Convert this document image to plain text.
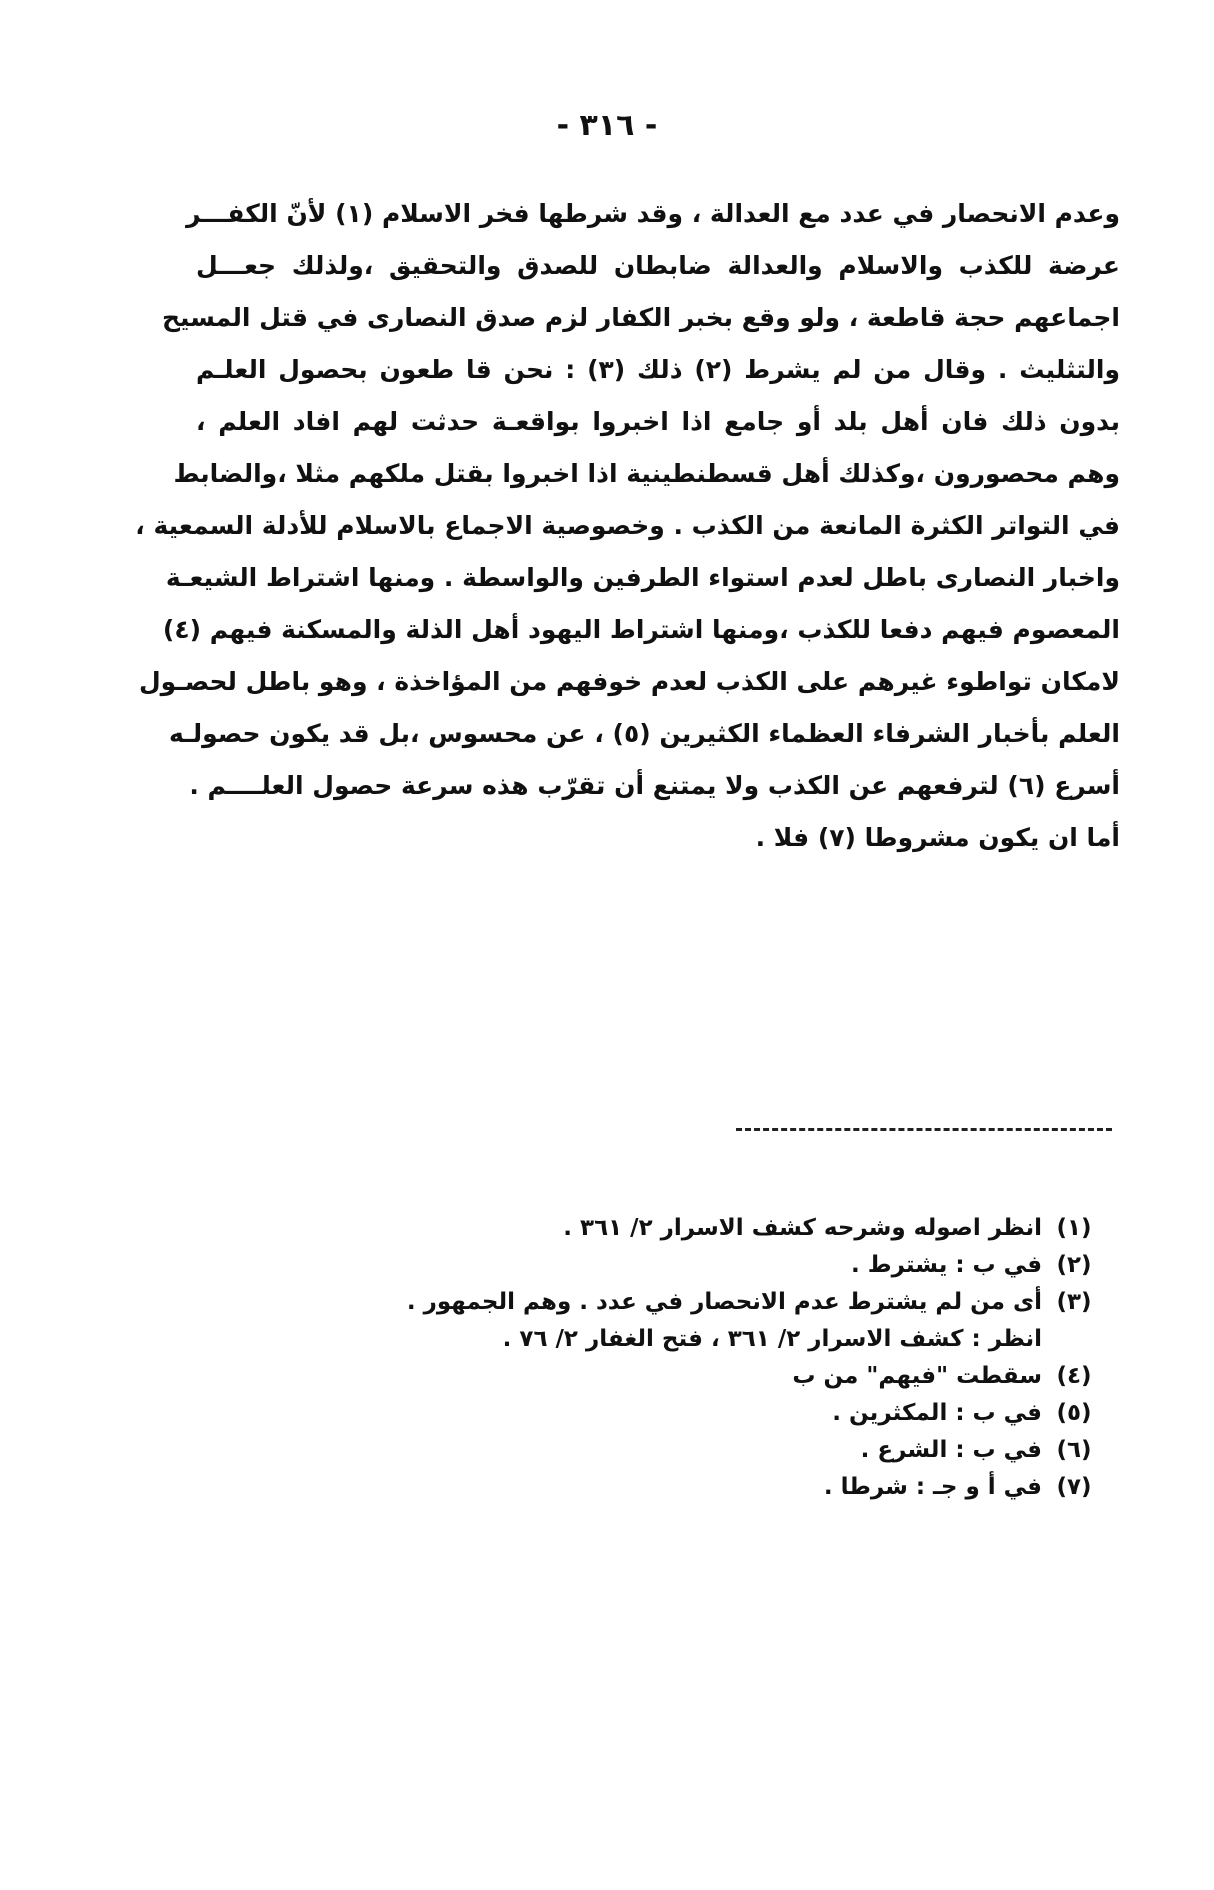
- ٣١٦ -
وعدم الانحصار في عدد مع العدالة ، وقد شرطها فخر الاسلام (١) لأنّ الكفـــر
عرضة للكذب والاسلام والعدالة ضابطان للصدق والتحقيق ،ولذلك جعـــل
اجماعهم حجة قاطعة ، ولو وقع بخبر الكفار لزم صدق النصارى في قتل المسيح
والتثليث . وقال من لم يشرط (٢) ذلك (٣) : نحن قا طعون بحصول العلـم
بدون ذلك فان أهل بلد أو جامع اذا اخبروا بواقعـة حدثت لهم افاد العلم ،
وهم محصورون ،وكذلك أهل قسطنطينية اذا اخبروا بقتل ملكهم مثلا ،والضابط
في التواتر الكثرة المانعة من الكذب . وخصوصية الاجماع بالاسلام للأدلة السمعية ،
واخبار النصارى باطل لعدم استواء الطرفين والواسطة . ومنها اشتراط الشيعـة
المعصوم فيهم دفعا للكذب ،ومنها اشتراط اليهود أهل الذلة والمسكنة فيهم (٤)
لامكان تواطوء غيرهم على الكذب لعدم خوفهم من المؤاخذة ، وهو باطل لحصـول
العلم بأخبار الشرفاء العظماء الكثيرين (٥) ، عن محسوس ،بل قد يكون حصولـه
أسرع (٦) لترفعهم عن الكذب ولا يمتنع أن تقرّب هذه سرعة حصول العلــــم .
أما ان يكون مشروطا (٧) فلا .
(١)
انظر اصوله وشرحه كشف الاسرار ٢/ ٣٦١ .
(٢)
في ب : يشترط .
(٣)
أى من لم يشترط عدم الانحصار في عدد . وهم الجمهور .
انظر : كشف الاسرار ٢/ ٣٦١ ، فتح الغفار ٢/ ٧٦ .
(٤)
سقطت "فيهم" من ب
(٥)
في ب : المكثرين .
(٦)
في ب : الشرع .
(٧)
في أ و جـ : شرطا .
